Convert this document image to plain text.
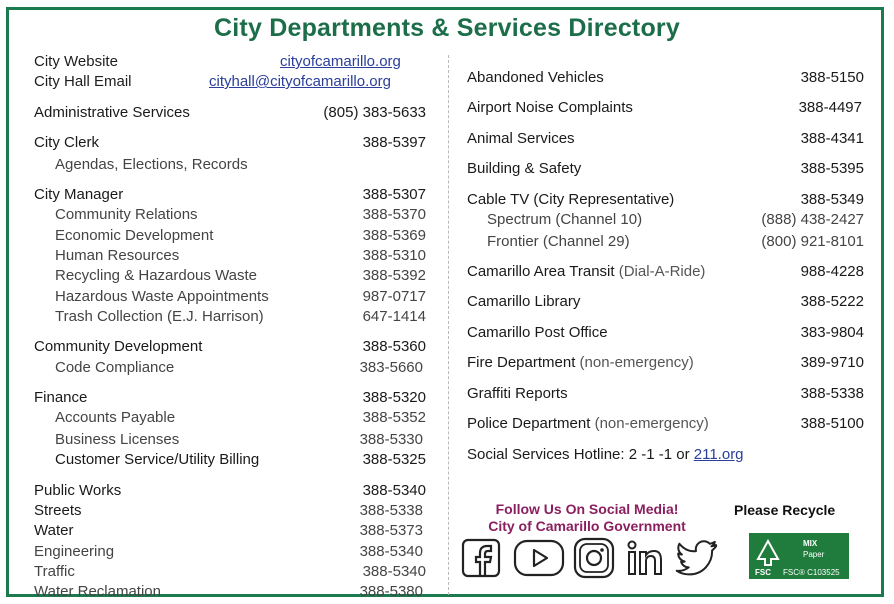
City Departments & Services Directory
City Website	cityofcamarillo.org
City Hall Email	cityhall@cityofcamarillo.org
Administrative Services	(805) 383-5633
City Clerk	388-5397
Agendas, Elections, Records
City Manager	388-5307
Community Relations	388-5370
Economic Development	388-5369
Human Resources	388-5310
Recycling & Hazardous Waste	388-5392
Hazardous Waste Appointments	987-0717
Trash Collection (E.J. Harrison)	647-1414
Community Development	388-5360
Code Compliance	383-5660
Finance	388-5320
Accounts Payable	388-5352
Business Licenses	388-5330
Customer Service/Utility Billing	388-5325
Public Works	388-5340
Streets	388-5338
Water	388-5373
Engineering	388-5340
Traffic	388-5340
Water Reclamation	388-5380
Abandoned Vehicles	388-5150
Airport Noise Complaints	388-4497
Animal Services	388-4341
Building & Safety	388-5395
Cable TV (City Representative)	388-5349
Spectrum (Channel 10)	(888) 438-2427
Frontier (Channel 29)	(800) 921-8101
Camarillo Area Transit (Dial-A-Ride)	988-4228
Camarillo Library	388-5222
Camarillo Post Office	383-9804
Fire Department (non-emergency)	389-9710
Graffiti Reports	388-5338
Police Department (non-emergency)	388-5100
Social Services Hotline: 2 -1 -1 or 211.org
Follow Us On Social Media!
City of Camarillo Government
Please Recycle
MIX
Paper
FSC FSC® C103525
